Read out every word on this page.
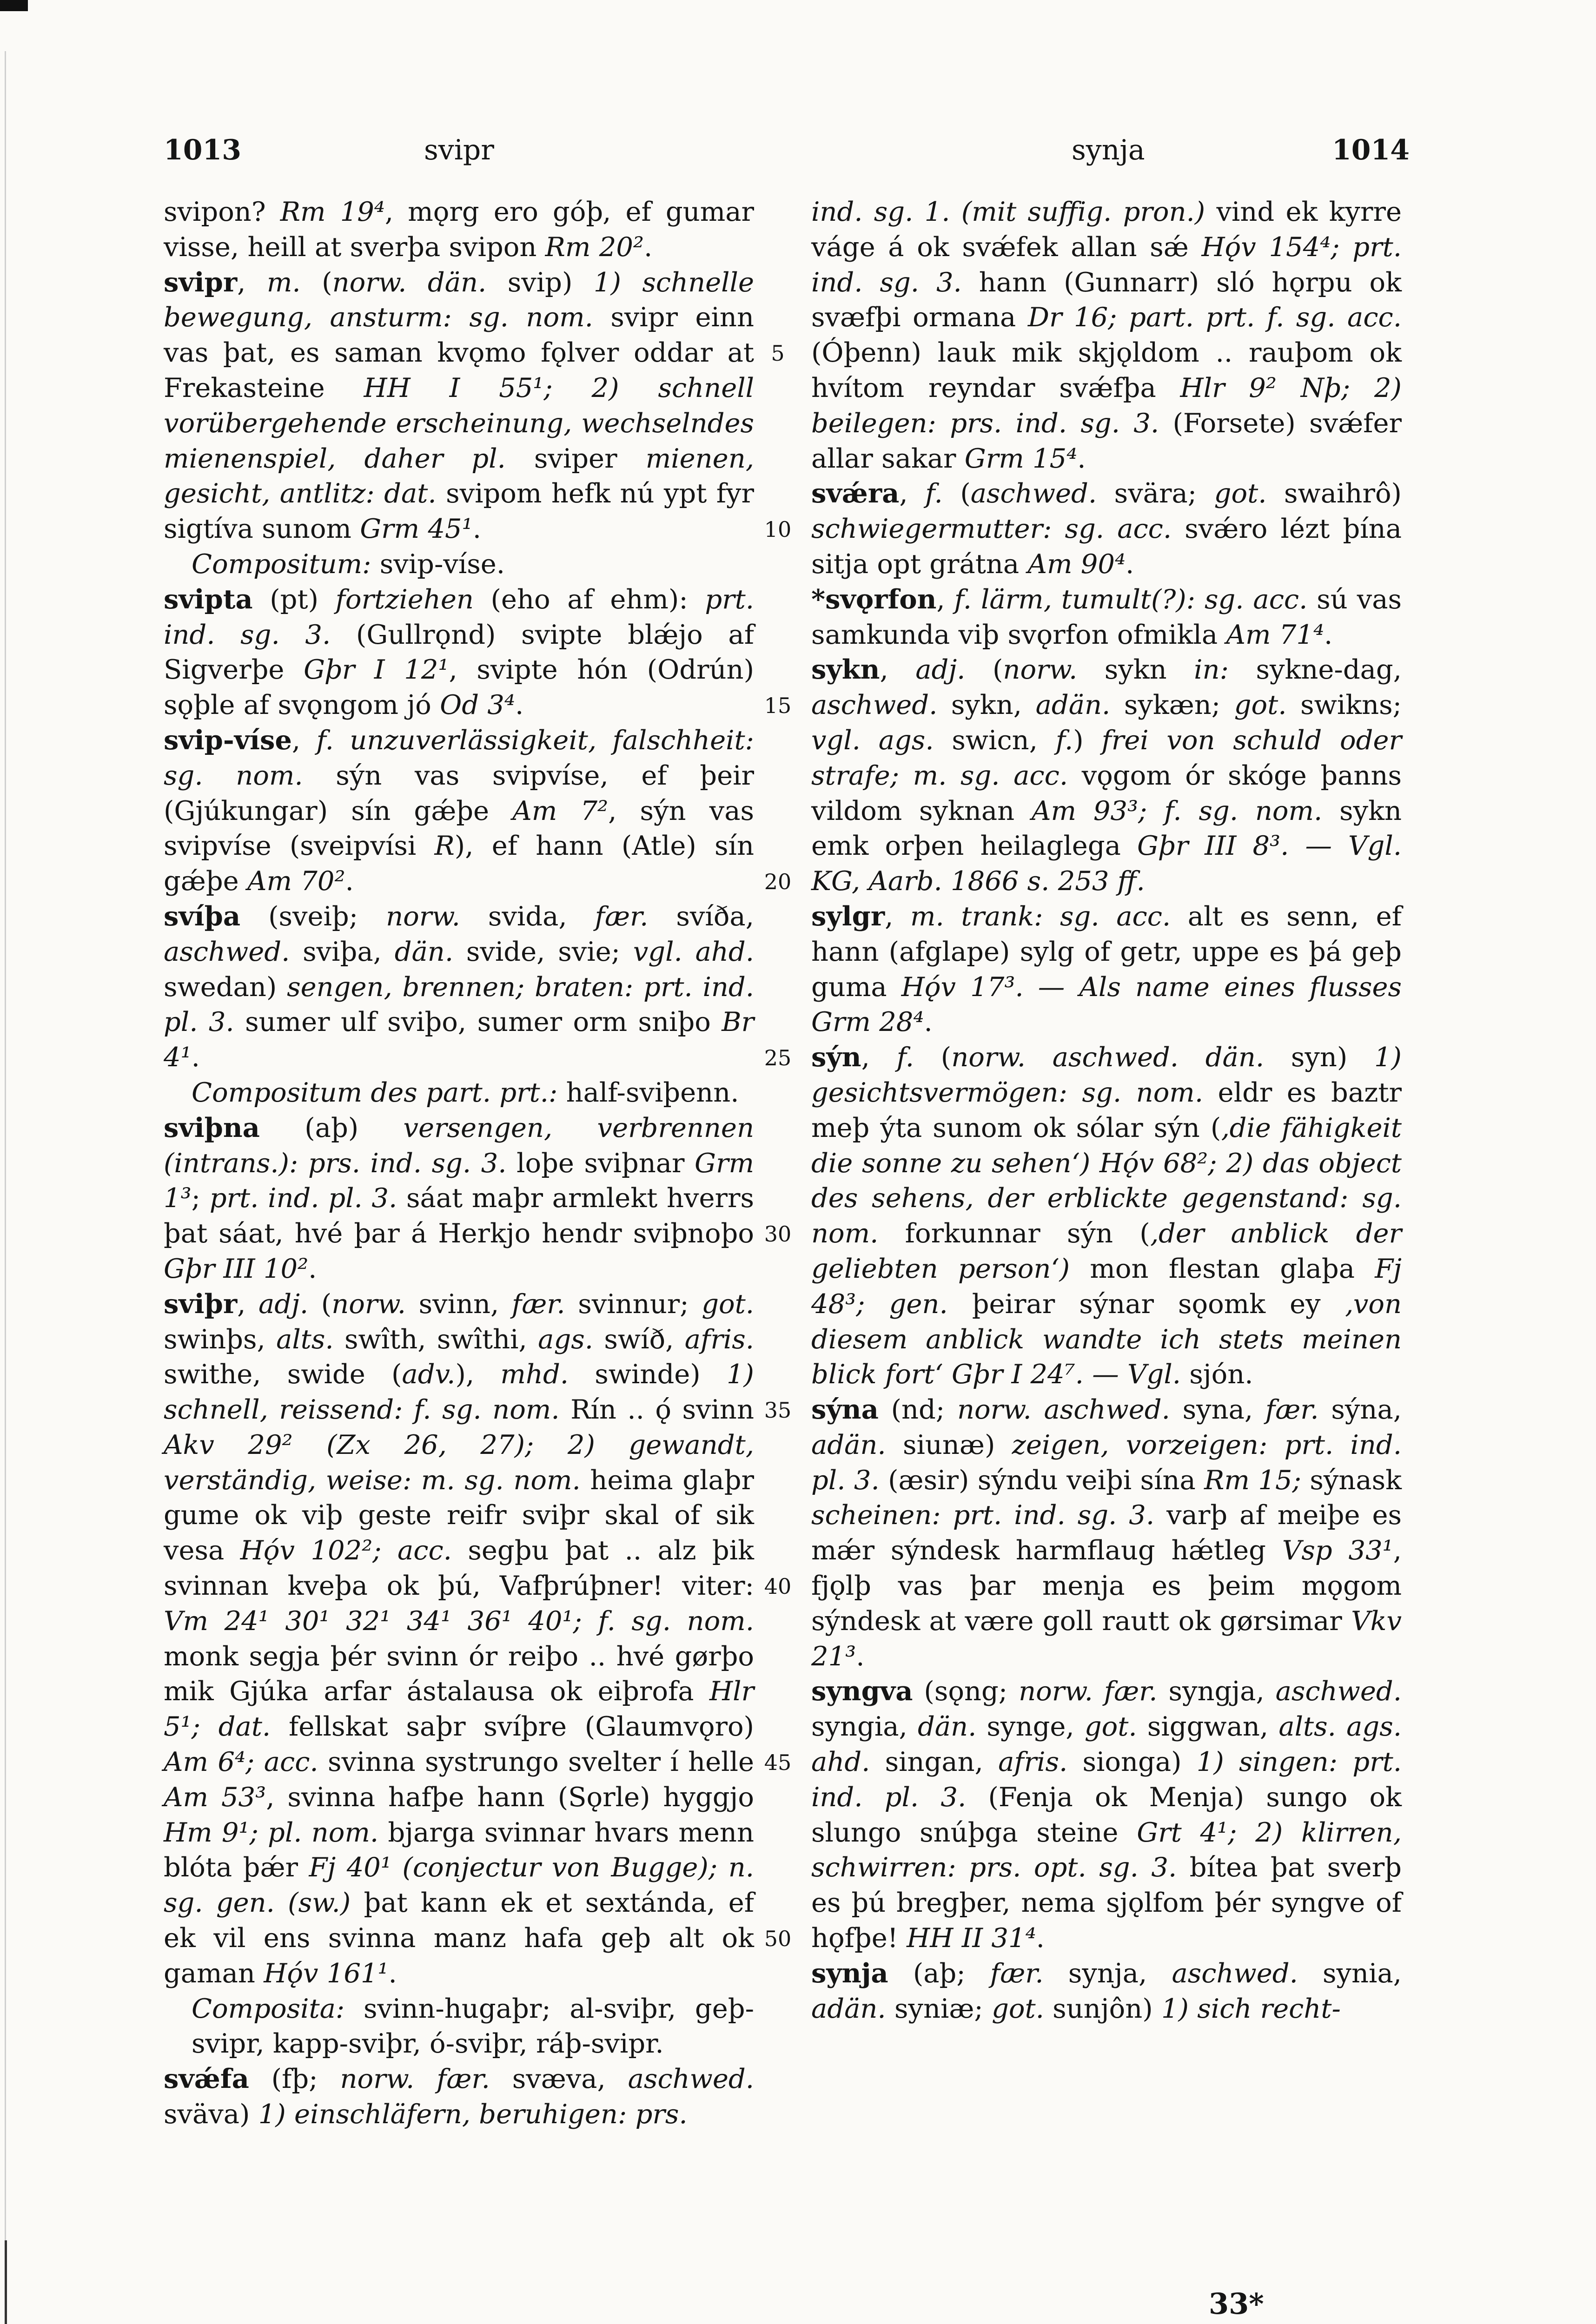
1013	svipr	synja	1014

svipon? Rm 19⁴, mǫrg ero góþ, ef gumar visse, heill at sverþa svipon Rm 20².

svipr, m. (norw. dän. svip) 1) schnelle bewegung, ansturm: sg. nom. svipr einn vas þat, es saman kvǫmo fǫlver oddar at Frekasteine HH I 55¹; 2) schnell vorübergehende erscheinung, wechselndes mienenspiel, daher pl. sviper mienen, gesicht, antlitz: dat. svipom hefk nú ypt fyr sigtíva sunom Grm 45¹.

Compositum: svip-víse.

svipta (pt) fortziehen (eho af ehm): prt. ind. sg. 3. (Gullrǫnd) svipte blǽjo af Sigverþe Gþr I 12¹, svipte hón (Odrún) sǫþle af svǫngom jó Od 3⁴.

svip-víse, f. unzuverlässigkeit, falschheit: sg. nom. sýn vas svipvíse, ef þeir (Gjúkungar) sín gǽþe Am 7², sýn vas svipvíse (sveipvísi R), ef hann (Atle) sín gǽþe Am 70².

svíþa (sveiþ; norw. svida, fær. svíða, aschwed. sviþa, dän. svide, svie; vgl. ahd. swedan) sengen, brennen; braten: prt. ind. pl. 3. sumer ulf sviþo, sumer orm sniþo Br 4¹.

Compositum des part. prt.: half-sviþenn.

sviþna (aþ) versengen, verbrennen (intrans.): prs. ind. sg. 3. loþe sviþnar Grm 1³; prt. ind. pl. 3. sáat maþr armlekt hverrs þat sáat, hvé þar á Herkjo hendr sviþnoþo Gþr III 10².

sviþr, adj. (norw. svinn, fær. svinnur; got. swinþs, alts. swîth, swîthi, ags. swíð, afris. swithe, swide (adv.), mhd. swinde) 1) schnell, reissend: f. sg. nom. Rín .. ǫ́ svinn Akv 29² (Zx 26, 27); 2) gewandt, verständig, weise: m. sg. nom. heima glaþr gume ok viþ geste reifr sviþr skal of sik vesa Hǫ́v 102²; acc. segþu þat .. alz þik svinnan kveþa ok þú, Vafþrúþner! viter: Vm 24¹ 30¹ 32¹ 34¹ 36¹ 40¹; f. sg. nom. monk segja þér svinn ór reiþo .. hvé gørþo mik Gjúka arfar ástalausa ok eiþrofa Hlr 5¹; dat. fellskat saþr svíþre (Glaumvǫro) Am 6⁴; acc. svinna systrungo svelter í helle Am 53³, svinna hafþe hann (Sǫrle) hyggjo Hm 9¹; pl. nom. bjarga svinnar hvars menn blóta þǽr Fj 40¹ (conjectur von Bugge); n. sg. gen. (sw.) þat kann ek et sextánda, ef ek vil ens svinna manz hafa geþ alt ok gaman Hǫ́v 161¹.

Composita: svinn-hugaþr; al-sviþr, geþ-svipr, kapp-sviþr, ó-sviþr, ráþ-svipr.

svǽfa (fþ; norw. fær. svæva, aschwed. sväva) 1) einschläfern, beruhigen: prs.

ind. sg. 1. (mit suffig. pron.) vind ek kyrre váge á ok svǽfek allan sǽ Hǫ́v 154⁴; prt. ind. sg. 3. hann (Gunnarr) sló hǫrpu ok svæfþi ormana Dr 16; part. prt. f. sg. acc. (Óþenn) lauk mik skjǫldom .. rauþom ok hvítom reyndar svǽfþa Hlr 9² Nþ; 2) beilegen: prs. ind. sg. 3. (Forsete) svǽfer allar sakar Grm 15⁴.

svǽra, f. (aschwed. svära; got. swaihrô) schwiegermutter: sg. acc. svǽro lézt þína sitja opt grátna Am 90⁴.

*svǫrfon, f. lärm, tumult(?): sg. acc. sú vas samkunda viþ svǫrfon ofmikla Am 71⁴.

sykn, adj. (norw. sykn in: sykne-dag, aschwed. sykn, adän. sykæn; got. swikns; vgl. ags. swicn, f.) frei von schuld oder strafe; m. sg. acc. vǫgom ór skóge þanns vildom syknan Am 93³; f. sg. nom. sykn emk orþen heilaglega Gþr III 8³. — Vgl. KG, Aarb. 1866 s. 253 ff.

sylgr, m. trank: sg. acc. alt es senn, ef hann (afglape) sylg of getr, uppe es þá geþ guma Hǫ́v 17³. — Als name eines flusses Grm 28⁴.

sýn, f. (norw. aschwed. dän. syn) 1) gesichtsvermögen: sg. nom. eldr es baztr meþ ýta sunom ok sólar sýn (‚die fähigkeit die sonne zu sehen‘) Hǫ́v 68²; 2) das object des sehens, der erblickte gegenstand: sg. nom. forkunnar sýn (‚der anblick der geliebten person‘) mon flestan glaþa Fj 48³; gen. þeirar sýnar sǫomk ey ‚von diesem anblick wandte ich stets meinen blick fort‘ Gþr I 24⁷. — Vgl. sjón.

sýna (nd; norw. aschwed. syna, fær. sýna, adän. siunæ) zeigen, vorzeigen: prt. ind. pl. 3. (æsir) sýndu veiþi sína Rm 15; sýnask scheinen: prt. ind. sg. 3. varþ af meiþe es mǽr sýndesk harmflaug hǽtleg Vsp 33¹, fjǫlþ vas þar menja es þeim mǫgom sýndesk at være goll rautt ok gørsimar Vkv 21³.

syngva (sǫng; norw. fær. syngja, aschwed. syngia, dän. synge, got. siggwan, alts. ags. ahd. singan, afris. sionga) 1) singen: prt. ind. pl. 3. (Fenja ok Menja) sungo ok slungo snúþga steine Grt 4¹; 2) klirren, schwirren: prs. opt. sg. 3. bítea þat sverþ es þú bregþer, nema sjǫlfom þér syngve of hǫfþe! HH II 31⁴.

synja (aþ; fær. synja, aschwed. synia, adän. syniæ; got. sunjôn) 1) sich recht-

5
10
15
20
25
30
35
40
45
50
33*
